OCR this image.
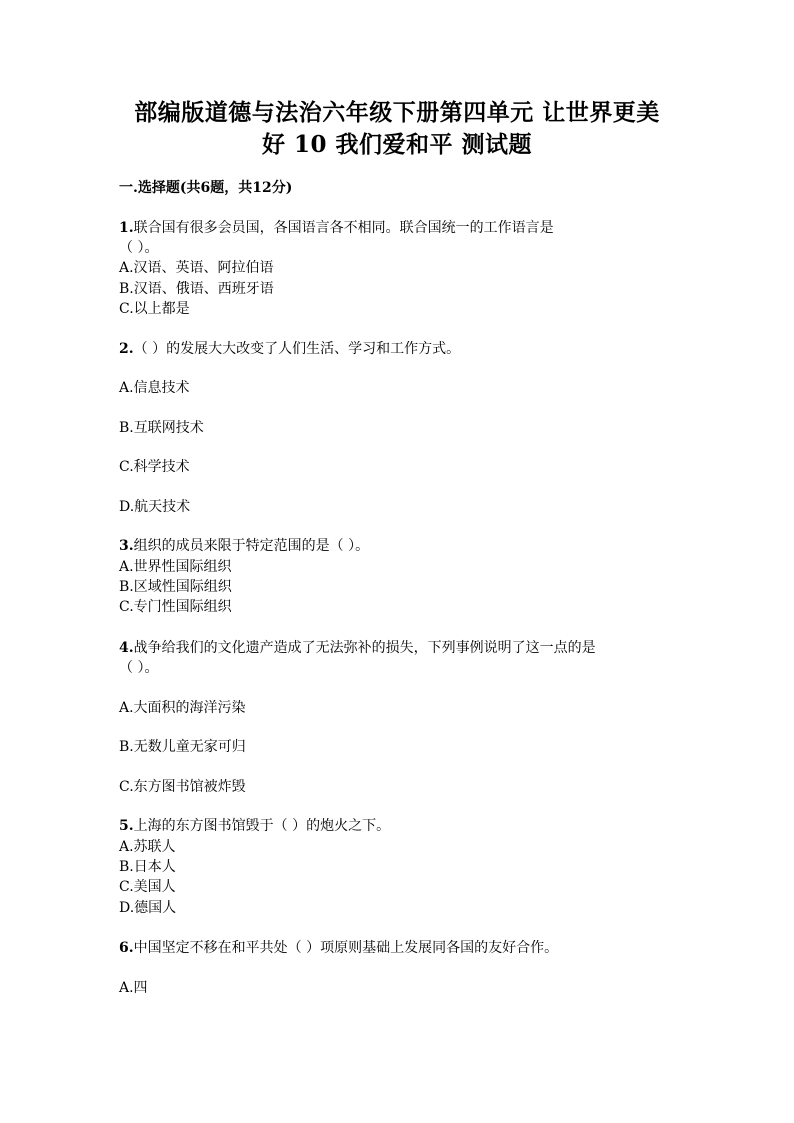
部编版道德与法治六年级下册第四单元 让世界更美
好 10 我们爱和平 测试题
一.选择题(共6题，共12分)
1.联合国有很多会员国，各国语言各不相同。联合国统一的工作语言是
（ ）。
A.汉语、英语、阿拉伯语
B.汉语、俄语、西班牙语
C.以上都是
2.（ ）的发展大大改变了人们生活、学习和工作方式。
A.信息技术
B.互联网技术
C.科学技术
D.航天技术
3.组织的成员来限于特定范围的是（ ）。
A.世界性国际组织
B.区域性国际组织
C.专门性国际组织
4.战争给我们的文化遗产造成了无法弥补的损失，下列事例说明了这一点的是
（ ）。
A.大面积的海洋污染
B.无数儿童无家可归
C.东方图书馆被炸毁
5.上海的东方图书馆毁于（ ）的炮火之下。
A.苏联人
B.日本人
C.美国人
D.德国人
6.中国坚定不移在和平共处（ ）项原则基础上发展同各国的友好合作。
A.四
